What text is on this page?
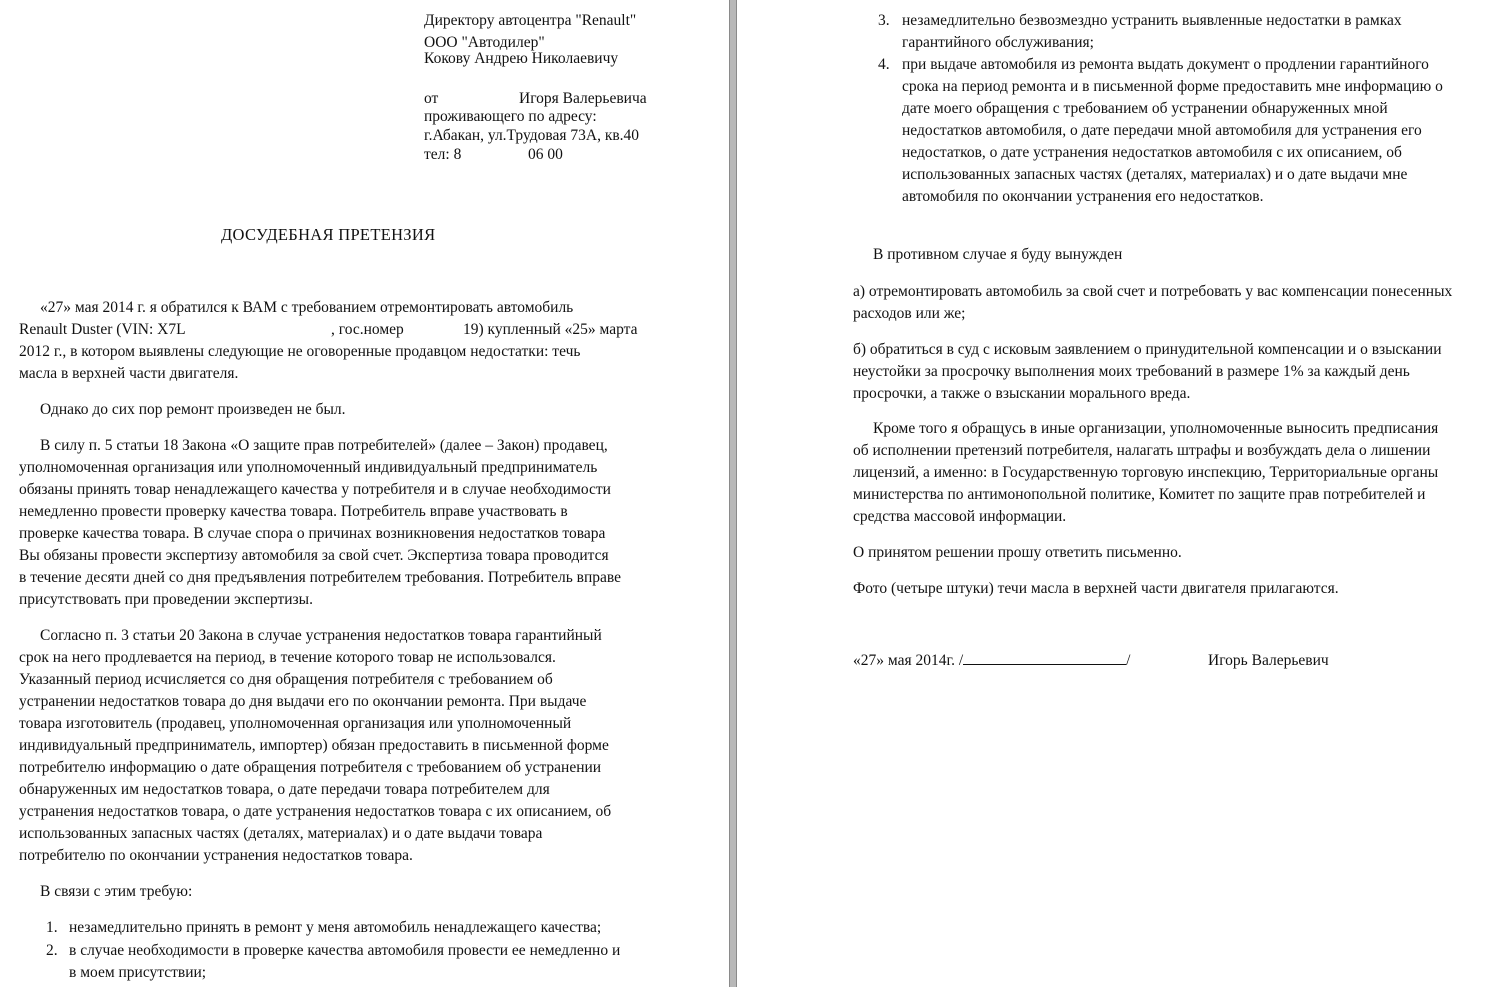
Директору автоцентра "Renault"
ООО "Автодилер"
Кокову Андрею Николаевичу
от	Игоря Валерьевича
проживающего по адресу:
г.Абакан, ул.Трудовая 73А, кв.40
тел: 8	06 00
ДОСУДЕБНАЯ ПРЕТЕНЗИЯ
«27» мая 2014 г. я обратился к ВАМ с требованием отремонтировать автомобиль
Renault Duster (VIN: X7L	, гос.номер	19) купленный «25» марта
2012 г., в котором выявлены следующие не оговоренные продавцом недостатки: течь
масла в верхней части двигателя.
Однако до сих пор ремонт произведен не был.
В силу п. 5 статьи 18 Закона «О защите прав потребителей» (далее – Закон) продавец,
уполномоченная организация или уполномоченный индивидуальный предприниматель
обязаны принять товар ненадлежащего качества у потребителя и в случае необходимости
немедленно провести проверку качества товара. Потребитель вправе участвовать в
проверке качества товара. В случае спора о причинах возникновения недостатков товара
Вы обязаны провести экспертизу автомобиля за свой счет. Экспертиза товара проводится
в течение десяти дней со дня предъявления потребителем требования. Потребитель вправе
присутствовать при проведении экспертизы.
Согласно п. 3 статьи 20 Закона в случае устранения недостатков товара гарантийный
срок на него продлевается на период, в течение которого товар не использовался.
Указанный период исчисляется со дня обращения потребителя с требованием об
устранении недостатков товара до дня выдачи его по окончании ремонта. При выдаче
товара изготовитель (продавец, уполномоченная организация или уполномоченный
индивидуальный предприниматель, импортер) обязан предоставить в письменной форме
потребителю информацию о дате обращения потребителя с требованием об устранении
обнаруженных им недостатков товара, о дате передачи товара потребителем для
устранения недостатков товара, о дате устранения недостатков товара с их описанием, об
использованных запасных частях (деталях, материалах) и о дате выдачи товара
потребителю по окончании устранения недостатков товара.
В связи с этим требую:
1. незамедлительно принять в ремонт у меня автомобиль ненадлежащего качества;
2. в случае необходимости в проверке качества автомобиля провести ее немедленно и
в моем присутствии;
3. незамедлительно безвозмездно устранить выявленные недостатки в рамках
гарантийного обслуживания;
4. при выдаче автомобиля из ремонта выдать документ о продлении гарантийного
срока на период ремонта и в письменной форме предоставить мне информацию о
дате моего обращения с требованием об устранении обнаруженных мной
недостатков автомобиля, о дате передачи мной автомобиля для устранения его
недостатков, о дате устранения недостатков автомобиля с их описанием, об
использованных запасных частях (деталях, материалах) и о дате выдачи мне
автомобиля по окончании устранения его недостатков.
В противном случае я буду вынужден
а) отремонтировать автомобиль за свой счет и потребовать у вас компенсации понесенных
расходов или же;
б) обратиться в суд с исковым заявлением о принудительной компенсации и о взыскании
неустойки за просрочку выполнения моих требований в размере 1% за каждый день
просрочки, а также о взыскании морального вреда.
Кроме того я обращусь в иные организации, уполномоченные выносить предписания
об исполнении претензий потребителя, налагать штрафы и возбуждать дела о лишении
лицензий, а именно: в Государственную торговую инспекцию, Территориальные органы
министерства по антимонопольной политике, Комитет по защите прав потребителей и
средства массовой информации.
О принятом решении прошу ответить письменно.
Фото (четыре штуки) течи масла в верхней части двигателя прилагаются.
«27» мая 2014г. /	/	Игорь Валерьевич
